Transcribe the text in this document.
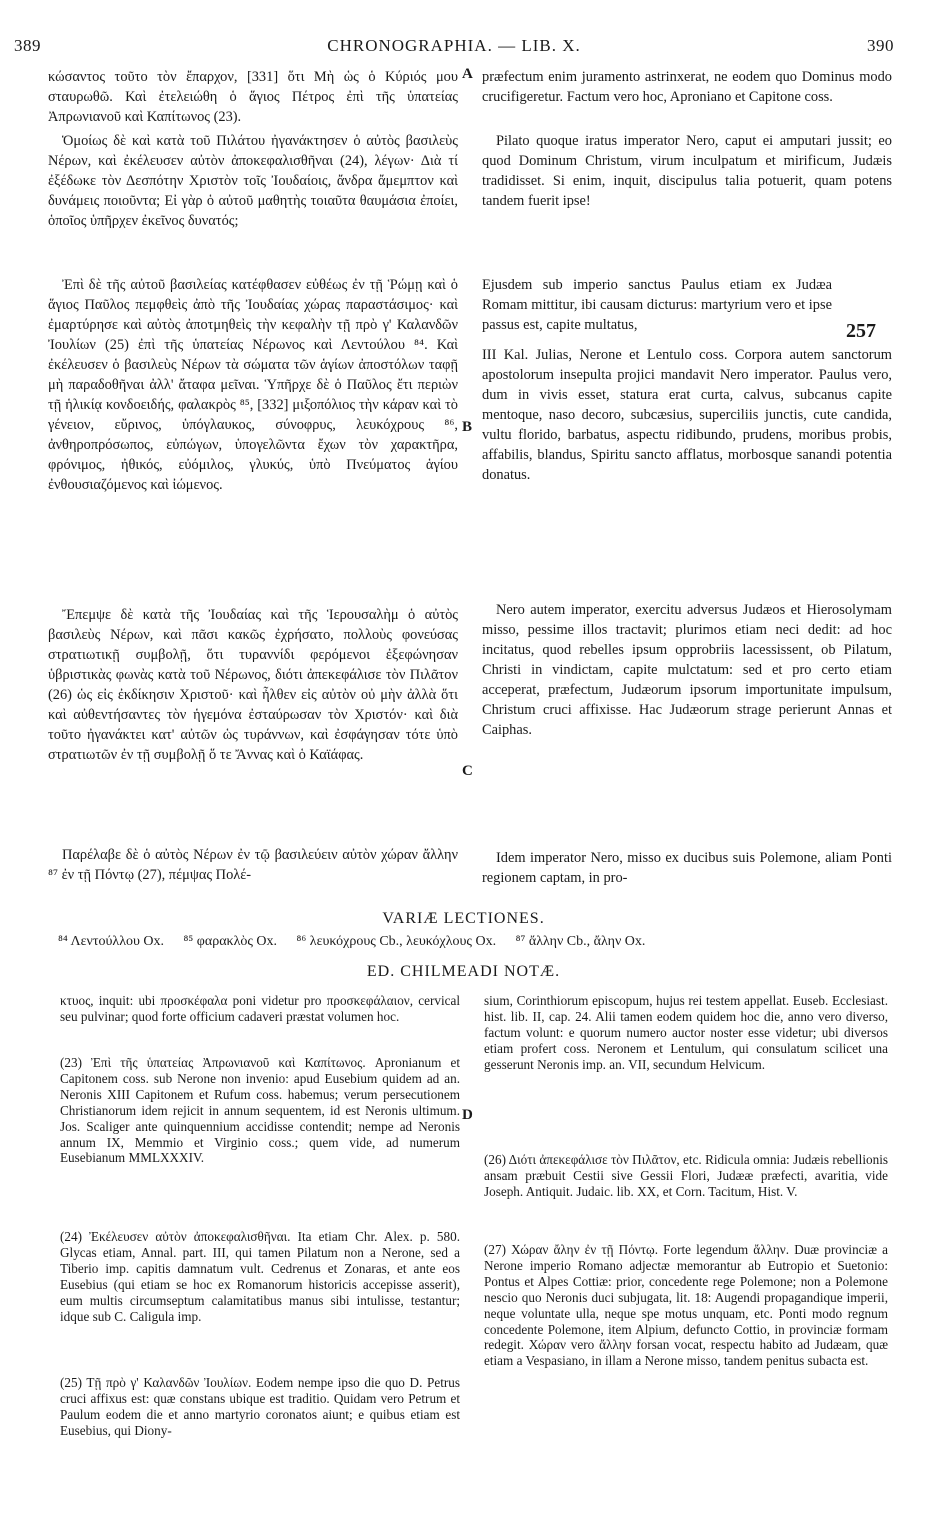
CHRONOGRAPHIA. — LIB. X.
389	390

κώσαντος τοῦτο τὸν ἔπαρχον, [331] ὅτι Μὴ ὡς ὁ Κύριός μου σταυρωθῶ. Καὶ ἐτελειώθη ὁ ἅγιος Πέτρος ἐπὶ τῆς ὑπατείας Ἀπρωνιανοῦ καὶ Καπίτωνος (23).

Ὁμοίως δὲ καὶ κατὰ τοῦ Πιλάτου ἠγανάκτησεν ὁ αὐτὸς βασιλεὺς Νέρων, καὶ ἐκέλευσεν αὐτὸν ἀποκεφαλισθῆναι (24), λέγων· Διὰ τί ἐξέδωκε τὸν Δεσπότην Χριστὸν τοῖς Ἰουδαίοις, ἄνδρα ἄμεμπτον καὶ δυνάμεις ποιοῦντα; Εἰ γὰρ ὁ αὐτοῦ μαθητὴς τοιαῦτα θαυμάσια ἐποίει, ὁποῖος ὑπῆρχεν ἐκεῖνος δυνατός;

Ἐπὶ δὲ τῆς αὐτοῦ βασιλείας κατέφθασεν εὐθέως ἐν τῇ Ῥώμῃ καὶ ὁ ἅγιος Παῦλος πεμφθεὶς ἀπὸ τῆς Ἰουδαίας χώρας παραστάσιμος· καὶ ἐμαρτύρησε καὶ αὐτὸς ἀποτμηθεὶς τὴν κεφαλὴν τῇ πρὸ γ' Καλανδῶν Ἰουλίων (25) ἐπὶ τῆς ὑπατείας Νέρωνος καὶ Λεντούλου ⁸⁴. Καὶ ἐκέλευσεν ὁ βασιλεὺς Νέρων τὰ σώματα τῶν ἁγίων ἀποστόλων ταφῇ μὴ παραδοθῆναι ἀλλ' ἄταφα μεῖναι. Ὑπῆρχε δὲ ὁ Παῦλος ἔτι περιὼν τῇ ἡλικίᾳ κονδοειδής, φαλακρὸς ⁸⁵, [332] μιξοπόλιος τὴν κάραν καὶ τὸ γένειον, εὔρινος, ὑπόγλαυκος, σύνοφρυς, λευκόχρους ⁸⁶, ἀνθηροπρόσωπος, εὐπώγων, ὑπογελῶντα ἔχων τὸν χαρακτῆρα, φρόνιμος, ἠθικός, εὐόμιλος, γλυκύς, ὑπὸ Πνεύματος ἁγίου ἐνθουσιαζόμενος καὶ ἰώμενος.

Ἔπεμψε δὲ κατὰ τῆς Ἰουδαίας καὶ τῆς Ἱερουσαλὴμ ὁ αὐτὸς βασιλεὺς Νέρων, καὶ πᾶσι κακῶς ἐχρήσατο, πολλοὺς φονεύσας στρατιωτικῇ συμβολῇ, ὅτι τυραννίδι φερόμενοι ἐξεφώνησαν ὑβριστικὰς φωνὰς κατὰ τοῦ Νέρωνος, διότι ἀπεκεφάλισε τὸν Πιλᾶτον (26) ὡς εἰς ἐκδίκησιν Χριστοῦ· καὶ ἦλθεν εἰς αὐτὸν οὐ μὴν ἀλλὰ ὅτι καὶ αὐθεντήσαντες τὸν ἡγεμόνα ἐσταύρωσαν τὸν Χριστόν· καὶ διὰ τοῦτο ἠγανάκτει κατ' αὐτῶν ὡς τυράννων, καὶ ἐσφάγησαν τότε ὑπὸ στρατιωτῶν ἐν τῇ συμβολῇ ὅ τε Ἄννας καὶ ὁ Καϊάφας.

Παρέλαβε δὲ ὁ αὐτὸς Νέρων ἐν τῷ βασιλεύειν αὐτὸν χώραν ἄλλην ⁸⁷ ἐν τῇ Πόντῳ (27), πέμψας Πολέ-

A
B
C
D

præfectum enim juramento astrinxerat, ne eodem quo Dominus modo crucifigeretur. Factum vero hoc, Aproniano et Capitone coss.

Pilato quoque iratus imperator Nero, caput ei amputari jussit; eo quod Dominum Christum, virum inculpatum et mirificum, Judæis tradidisset. Si enim, inquit, discipulus talia potuerit, quam potens tandem fuerit ipse!

Ejusdem sub imperio sanctus Paulus etiam ex Judæa Romam mittitur, ibi causam dicturus: martyrium vero et ipse passus est, capite multatus,	257

III Kal. Julias, Nerone et Lentulo coss. Corpora autem sanctorum apostolorum insepulta projici mandavit Nero imperator. Paulus vero, dum in vivis esset, statura erat curta, calvus, subcanus capite mentoque, naso decoro, subcæsius, superciliis junctis, cute candida, vultu florido, barbatus, aspectu ridibundo, prudens, moribus probis, affabilis, blandus, Spiritu sancto afflatus, morbosque sanandi potentia donatus.

Nero autem imperator, exercitu adversus Judæos et Hierosolymam misso, pessime illos tractavit; plurimos etiam neci dedit: ad hoc incitatus, quod rebelles ipsum opprobriis lacessissent, ob Pilatum, Christi in vindictam, capite mulctatum: sed et pro certo etiam acceperat, præfectum, Judæorum ipsorum importunitate impulsum, Christum cruci affixisse. Hac Judæorum strage perierunt Annas et Caiphas.

Idem imperator Nero, misso ex ducibus suis Polemone, aliam Ponti regionem captam, in pro-

VARIÆ LECTIONES.
⁸⁴ Λεντούλλου Ox. ⁸⁵ φαρακλὸς Ox. ⁸⁶ λευκόχρους Cb., λευκόχλους Ox. ⁸⁷ ἄλλην Cb., ἄλην Ox.
ED. CHILMEADI NOTÆ.

κτυος, inquit: ubi προσκέφαλα poni videtur pro προσκεφάλαιον, cervical seu pulvinar; quod forte officium cadaveri præstat volumen hoc.

(23) Ἐπὶ τῆς ὑπατείας Ἀπρωνιανοῦ καὶ Καπίτωνος. Apronianum et Capitonem coss. sub Nerone non invenio: apud Eusebium quidem ad an. Neronis XIII Capitonem et Rufum coss. habemus; verum persecutionem Christianorum idem rejicit in annum sequentem, id est Neronis ultimum. Jos. Scaliger ante quinquennium accidisse contendit; nempe ad Neronis annum IX, Memmio et Virginio coss.; quem vide, ad numerum Eusebianum MMLXXXIV.

(24) Ἐκέλευσεν αὐτὸν ἀποκεφαλισθῆναι. Ita etiam Chr. Alex. p. 580. Glycas etiam, Annal. part. III, qui tamen Pilatum non a Nerone, sed a Tiberio imp. capitis damnatum vult. Cedrenus et Zonaras, et ante eos Eusebius (qui etiam se hoc ex Romanorum historicis accepisse asserit), eum multis circumseptum calamitatibus manus sibi intulisse, testantur; idque sub C. Caligula imp.

(25) Τῇ πρὸ γ' Καλανδῶν Ἰουλίων. Eodem nempe ipso die quo D. Petrus cruci affixus est: quæ constans ubique est traditio. Quidam vero Petrum et Paulum eodem die et anno martyrio coronatos aiunt; e quibus etiam est Eusebius, qui Diony-

sium, Corinthiorum episcopum, hujus rei testem appellat. Euseb. Ecclesiast. hist. lib. II, cap. 24. Alii tamen eodem quidem hoc die, anno vero diverso, factum volunt: e quorum numero auctor noster esse videtur; ubi diversos etiam profert coss. Neronem et Lentulum, qui consulatum scilicet una gesserunt Neronis imp. an. VII, secundum Helvicum.

(26) Διότι ἀπεκεφάλισε τὸν Πιλᾶτον, etc. Ridicula omnia: Judæis rebellionis ansam præbuit Cestii sive Gessii Flori, Judææ præfecti, avaritia, vide Joseph. Antiquit. Judaic. lib. XX, et Corn. Tacitum, Hist. V.

(27) Χώραν ἄλην ἐν τῇ Πόντῳ. Forte legendum ἄλλην. Duæ provinciæ a Nerone imperio Romano adjectæ memorantur ab Eutropio et Suetonio: Pontus et Alpes Cottiæ: prior, concedente rege Polemone; non a Polemone nescio quo Neronis duci subjugata, lit. 18: Augendi propagandique imperii, neque voluntate ulla, neque spe motus unquam, etc. Ponti modo regnum concedente Polemone, item Alpium, defuncto Cottio, in provinciæ formam redegit. Χώραν vero ἄλλην forsan vocat, respectu habito ad Judæam, quæ etiam a Vespasiano, in illam a Nerone misso, tandem penitus subacta est.
